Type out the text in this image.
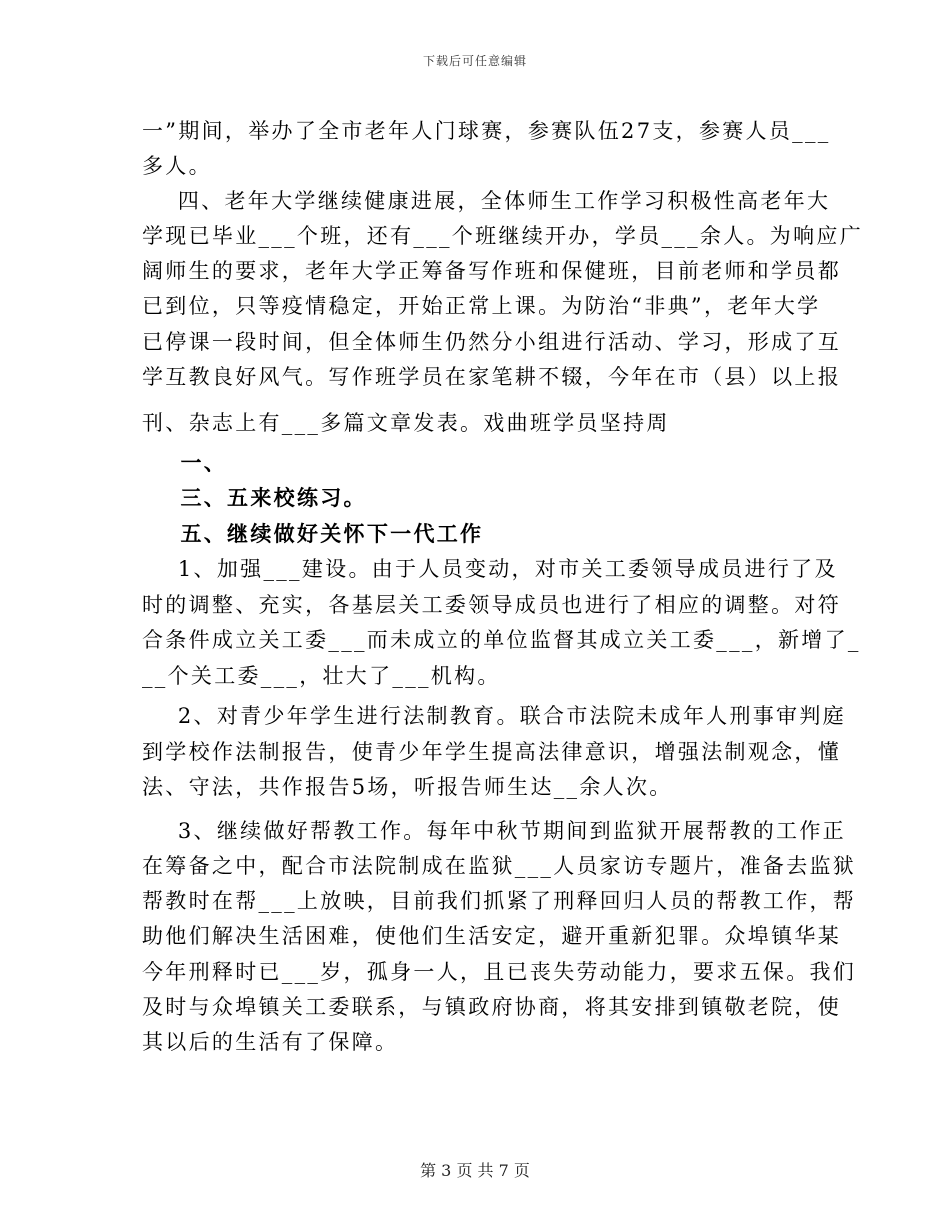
下载后可任意编辑
一”期间，举办了全市老年人门球赛，参赛队伍27支，参赛人员___
多人。
四、老年大学继续健康进展，全体师生工作学习积极性高老年大
学现已毕业___个班，还有___个班继续开办，学员___余人。为响应广
阔师生的要求，老年大学正筹备写作班和保健班，目前老师和学员都
已到位，只等疫情稳定，开始正常上课。为防治“非典”，老年大学
已停课一段时间，但全体师生仍然分小组进行活动、学习，形成了互
学互教良好风气。写作班学员在家笔耕不辍，今年在市（县）以上报
刊、杂志上有___多篇文章发表。戏曲班学员坚持周
一、
三、五来校练习。
五、继续做好关怀下一代工作
1、加强___建设。由于人员变动，对市关工委领导成员进行了及
时的调整、充实，各基层关工委领导成员也进行了相应的调整。对符
合条件成立关工委___而未成立的单位监督其成立关工委___，新增了_
__个关工委___，壮大了___机构。
2、对青少年学生进行法制教育。联合市法院未成年人刑事审判庭
到学校作法制报告，使青少年学生提高法律意识，增强法制观念，懂
法、守法，共作报告5场，听报告师生达__余人次。
3、继续做好帮教工作。每年中秋节期间到监狱开展帮教的工作正
在筹备之中，配合市法院制成在监狱___人员家访专题片，准备去监狱
帮教时在帮___上放映，目前我们抓紧了刑释回归人员的帮教工作，帮
助他们解决生活困难，使他们生活安定，避开重新犯罪。众埠镇华某
今年刑释时已___岁，孤身一人，且已丧失劳动能力，要求五保。我们
及时与众埠镇关工委联系，与镇政府协商，将其安排到镇敬老院，使
其以后的生活有了保障。
第 3 页 共 7 页
